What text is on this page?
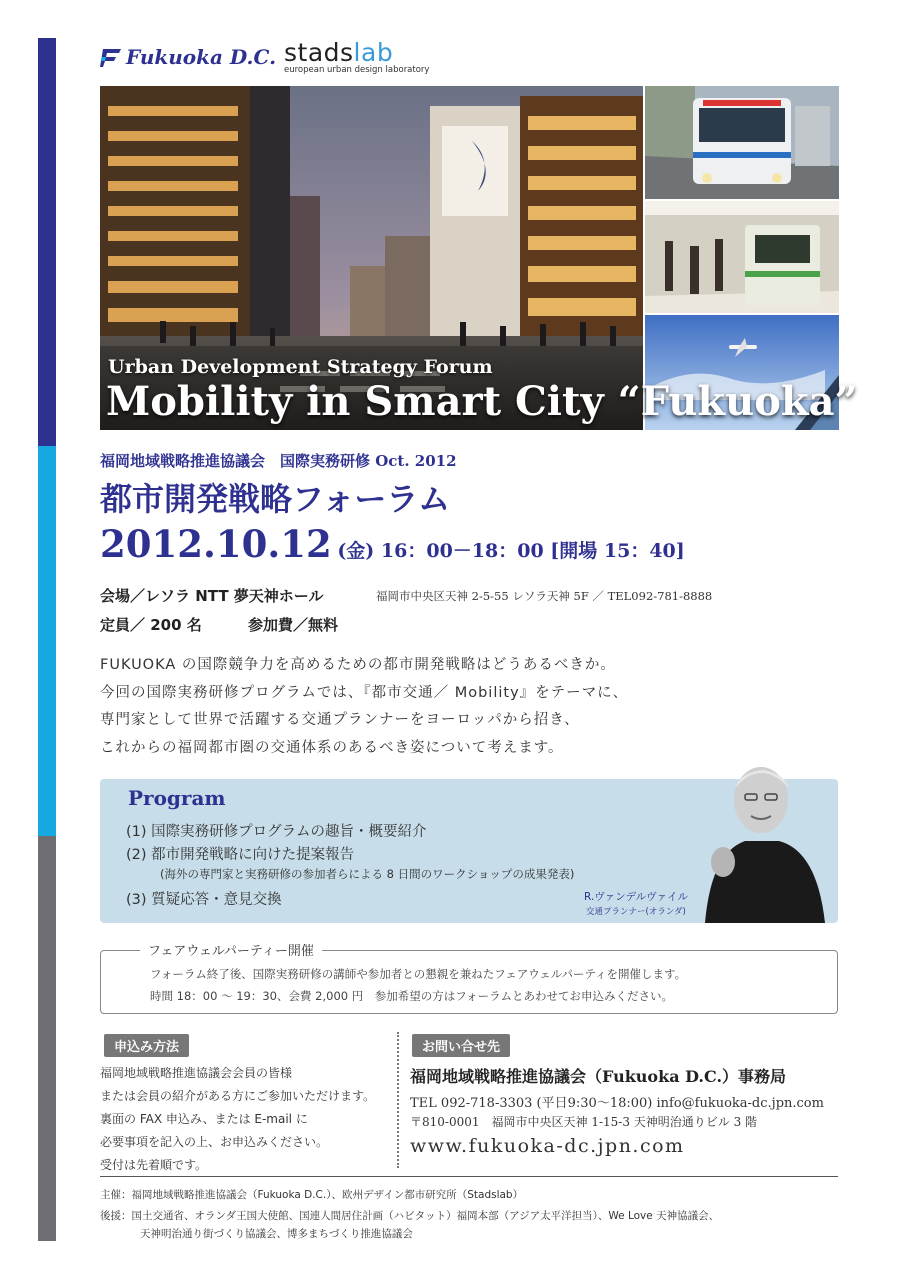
Fukuoka D.C. stadslab
european urban design laboratory
Urban Development Strategy Forum
Mobility in Smart City “Fukuoka”
福岡地域戦略推進協議会　国際実務研修 Oct. 2012
都市開発戦略フォーラム
2012.10.12 (金) 16：00－18：00 [開場 15：40]
会場／レソラ NTT 夢天神ホール	福岡市中央区天神 2-5-55 レソラ天神 5F ／ TEL092-781-8888
定員／ 200 名	参加費／無料
FUKUOKA の国際競争力を高めるための都市開発戦略はどうあるべきか。
今回の国際実務研修プログラムでは、『都市交通／ Mobility』をテーマに、
専門家として世界で活躍する交通プランナーをヨーロッパから招き、
これからの福岡都市圏の交通体系のあるべき姿について考えます。
Program
(1) 国際実務研修プログラムの趣旨・概要紹介
(2) 都市開発戦略に向けた提案報告
(海外の専門家と実務研修の参加者らによる 8 日間のワークショップの成果発表)
(3) 質疑応答・意見交換	R.ヴァンデルヴァイル
交通プランナー(オランダ)
フェアウェルパーティー開催
フォーラム終了後、国際実務研修の講師や参加者との懇親を兼ねたフェアウェルパーティを開催します。
時間 18：00 ～ 19：30、会費 2,000 円　参加希望の方はフォーラムとあわせてお申込みください。
申込み方法
福岡地域戦略推進協議会会員の皆様
または会員の紹介がある方にご参加いただけます。
裏面の FAX 申込み、または E-mail に
必要事項を記入の上、お申込みください。
受付は先着順です。
お問い合せ先
福岡地域戦略推進協議会（Fukuoka D.C.）事務局
TEL 092-718-3303 (平日9:30～18:00) info@fukuoka-dc.jpn.com
〒810-0001　福岡市中央区天神 1-15-3 天神明治通りビル 3 階
www.fukuoka-dc.jpn.com
主催：福岡地域戦略推進協議会（Fukuoka D.C.）、欧州デザイン都市研究所（Stadslab）
後援：国土交通省、オランダ王国大使館、国連人間居住計画（ハビタット）福岡本部（アジア太平洋担当）、We Love 天神協議会、
天神明治通り街づくり協議会、博多まちづくり推進協議会
